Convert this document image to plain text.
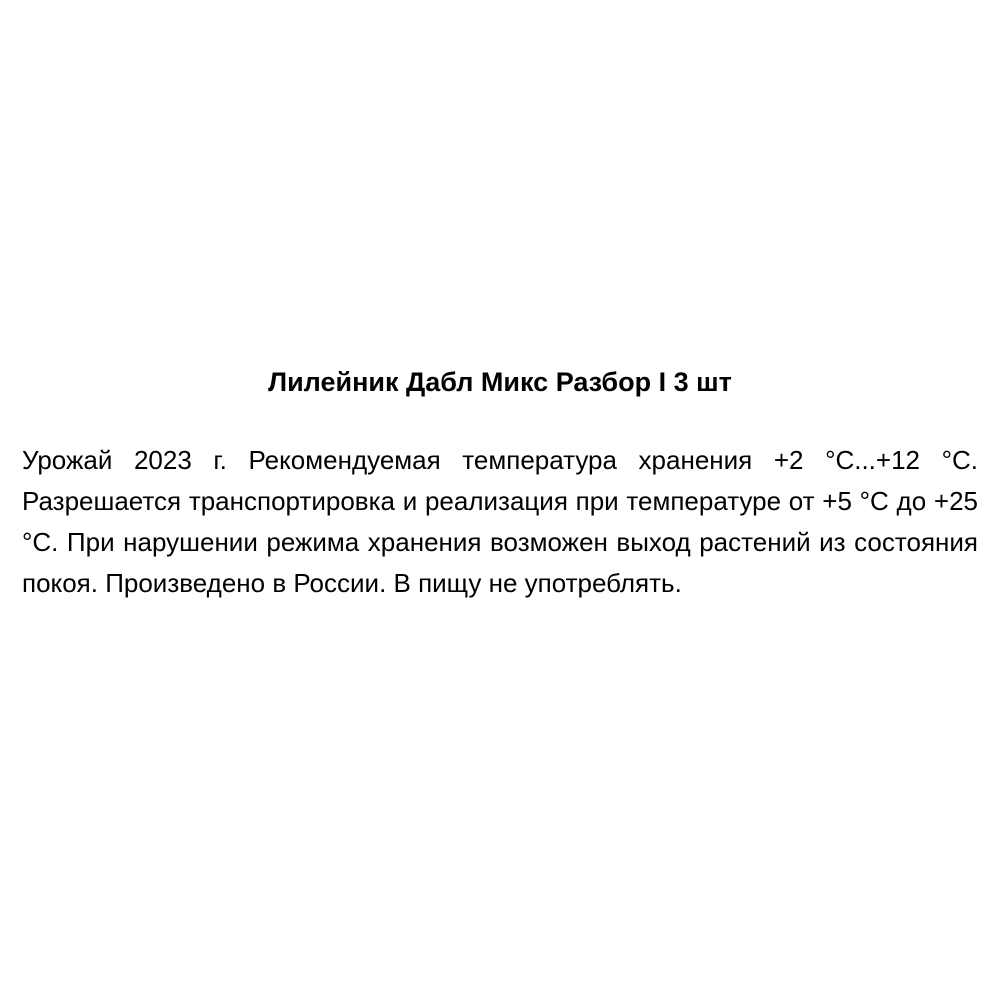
Лилейник Дабл Микс Разбор I 3 шт

Урожай 2023 г. Рекомендуемая температура хранения +2 °С...+12 °С. Разрешается транспортировка и реализация при температуре от +5 °С до +25 °С. При нарушении режима хранения возможен выход растений из состояния покоя. Произведено в России. В пищу не употреблять.
